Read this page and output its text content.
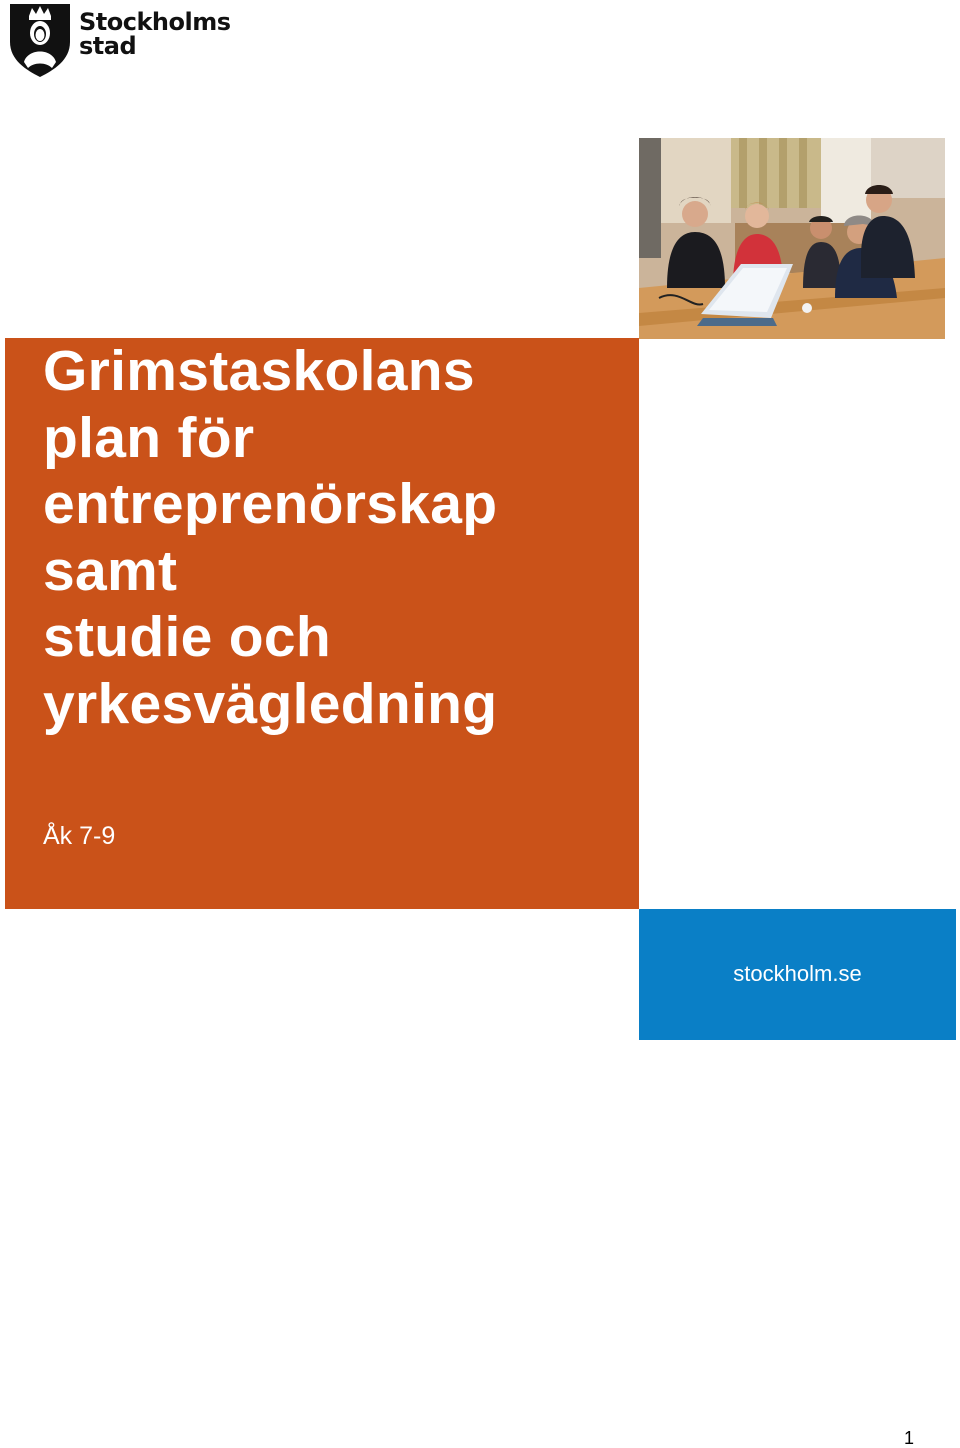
Stockholms
stad
Grimstaskolans
plan för
entreprenörskap
samt
studie och
yrkesvägledning
Åk 7-9
stockholm.se
1
